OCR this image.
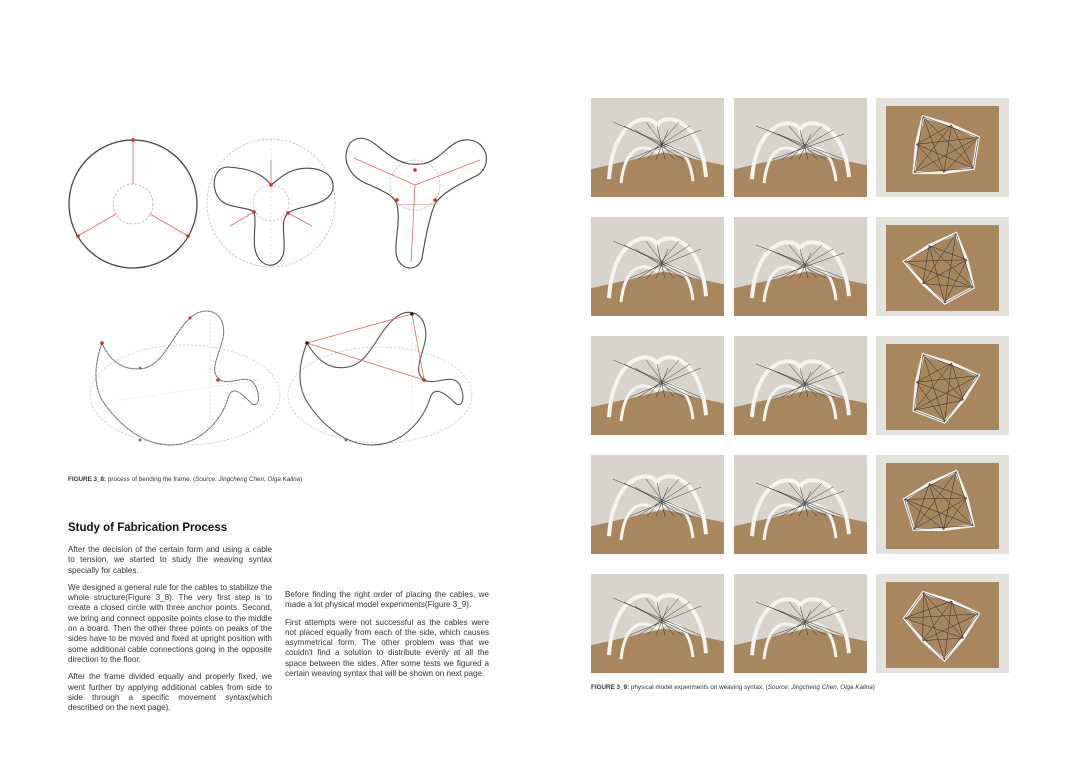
FIGURE 3_8: process of bending the frame. (Source: Jingcheng Chen, Olga Kalina)
Study of Fabrication Process

After the decision of the certain form and using a cable to tension, we started to study the weaving syntax specially for cables.

We designed a general rule for the cables to stabilize the whole structure(Figure 3_8). The very first step is to create a closed circle with three anchor points. Second, we bring and connect opposite points close to the middle on a board. Then the other three points on peaks of the sides have to be moved and fixed at upright position with some additional cable connections going in the opposite direction to the floor.

After the frame divided equally and properly fixed, we went further by applying additional cables from side to side through a specific movement syntax(which described on the next page).

Before finding the right order of placing the cables, we made a lot physical model experiments(Figure 3_9).

First attempts were not successful as the cables were not placed equally from each of the side, which causes asymmetrical form. The other problem was that we couldn't find a solution to distribute evenly at all the space between the sides. After some tests we figured a certain weaving syntax that will be shown on next page.

FIGURE 3_9: physical model experiments on weaving syntax. (Source: Jingcheng Chen, Olga Kalina)
